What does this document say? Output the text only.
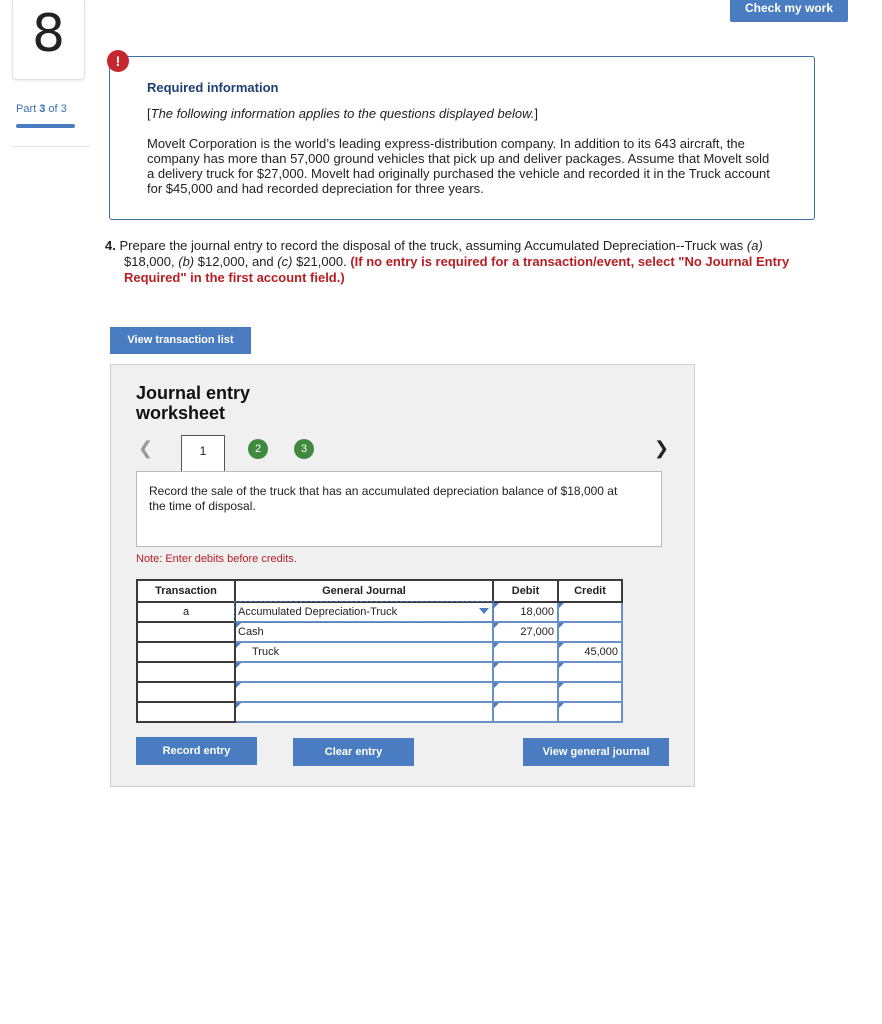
Check my work
8
Part 3 of 3
Required information
[The following information applies to the questions displayed below.]
Movelt Corporation is the world’s leading express-distribution company. In addition to its 643 aircraft, the company has more than 57,000 ground vehicles that pick up and deliver packages. Assume that Movelt sold a delivery truck for $27,000. Movelt had originally purchased the vehicle and recorded it in the Truck account for $45,000 and had recorded depreciation for three years.
!
4. Prepare the journal entry to record the disposal of the truck, assuming Accumulated Depreciation--Truck was (a) $18,000, (b) $12,000, and (c) $21,000. (If no entry is required for a transaction/event, select "No Journal Entry Required" in the first account field.)
View transaction list
Journal entry worksheet
❮	1	2	3	❯
Record the sale of the truck that has an accumulated depreciation balance of $18,000 at the time of disposal.
Note: Enter debits before credits.
Transaction	General Journal	Debit	Credit
a	Accumulated Depreciation-Truck	18,000	

Cash	27,000	

Truck		45,000

Record entry	Clear entry	View general journal
